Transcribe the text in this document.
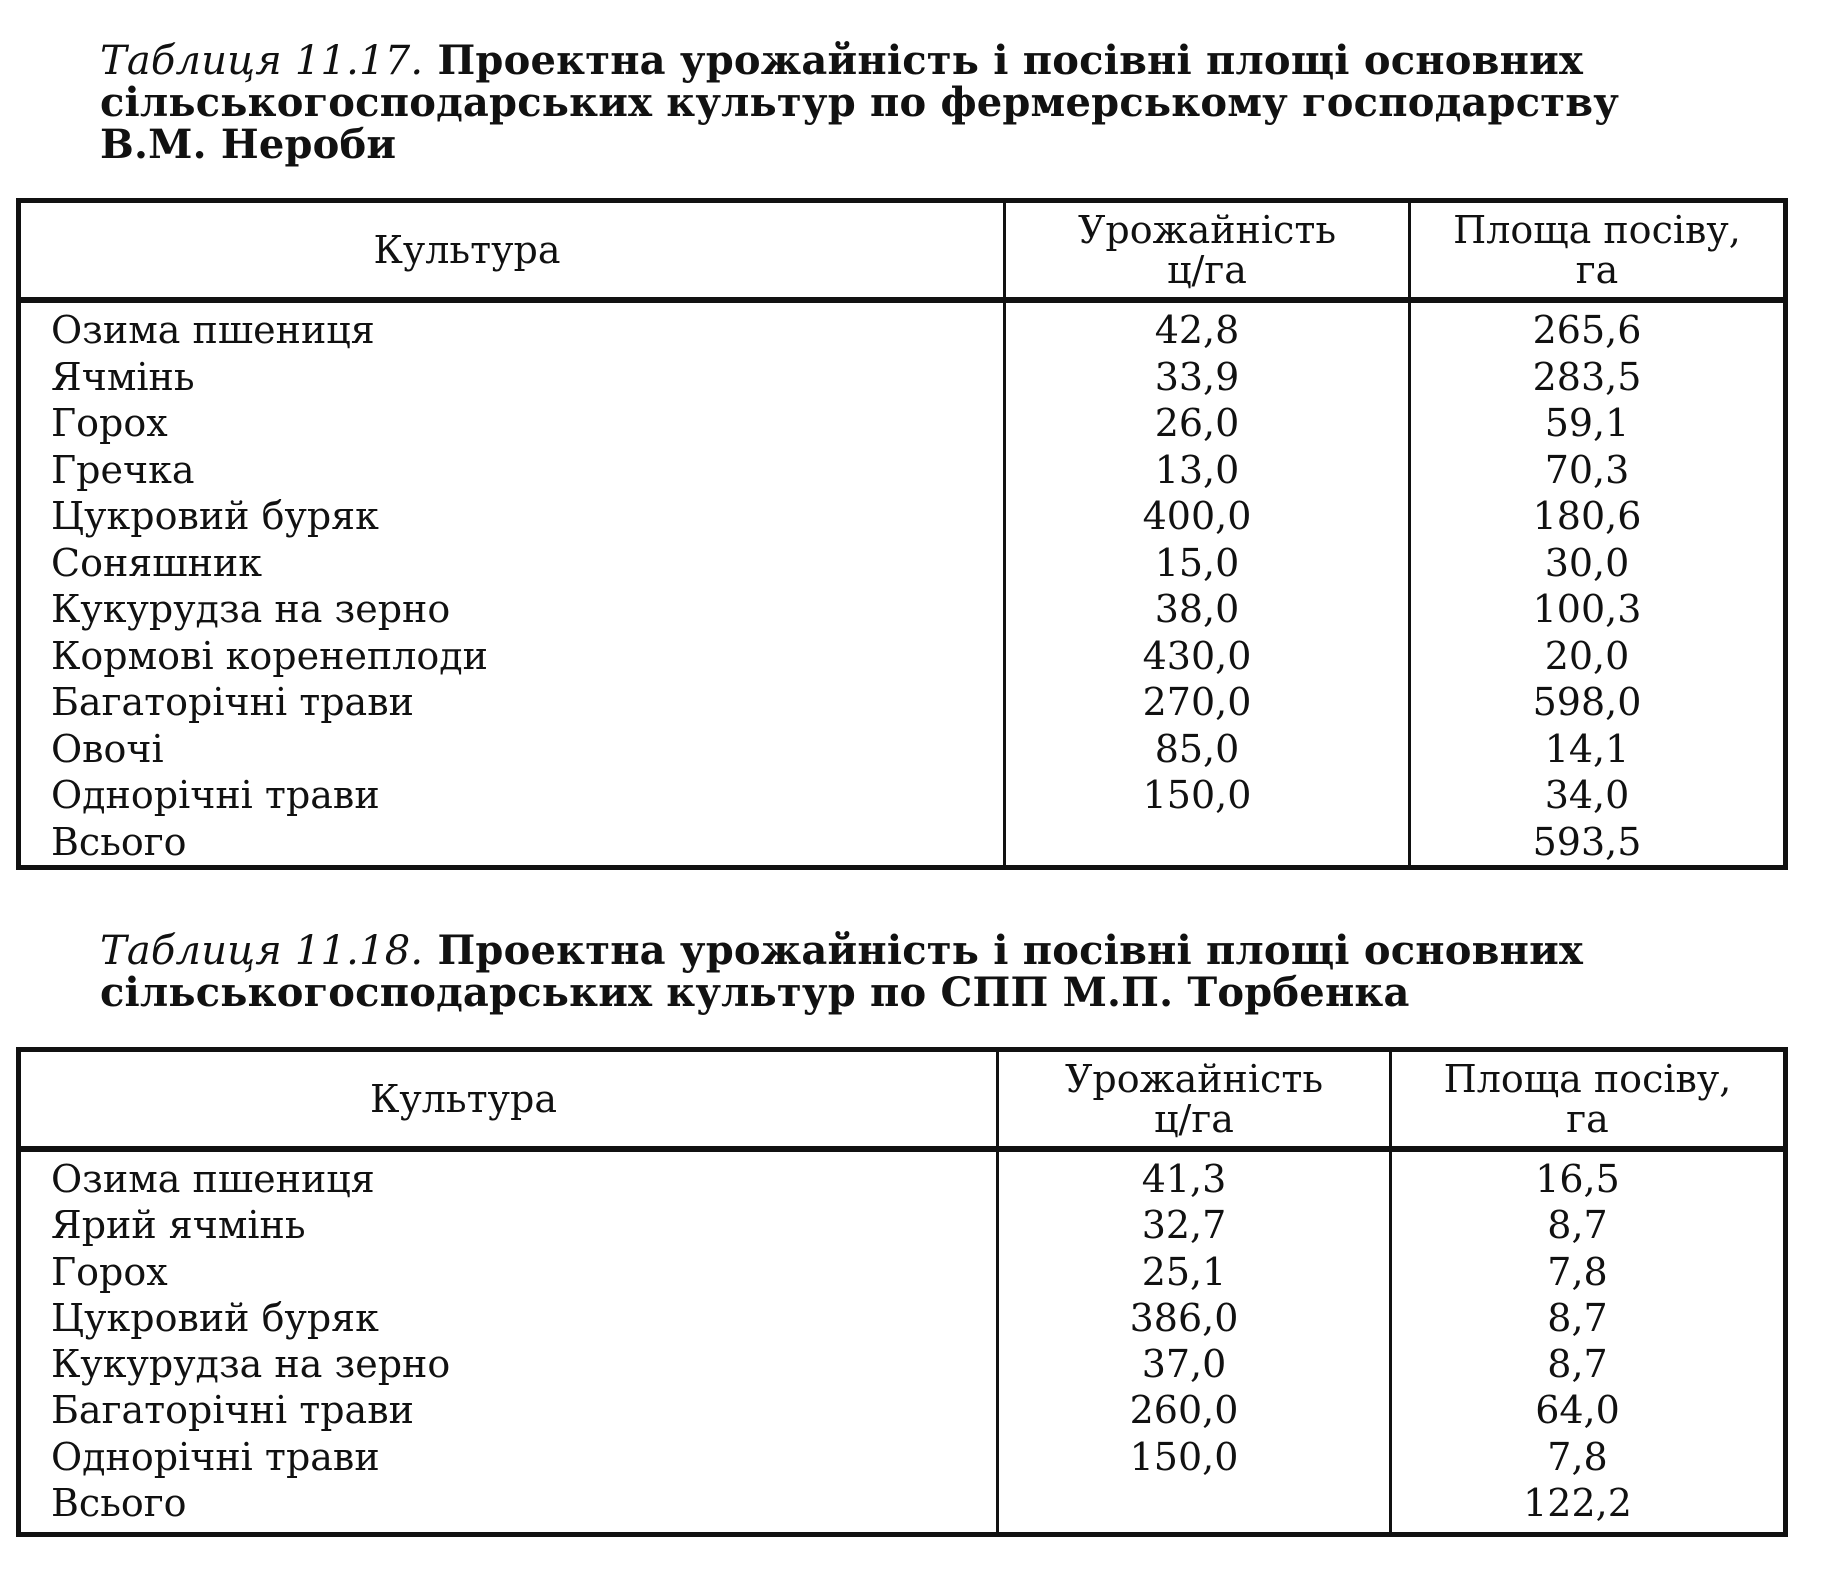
Таблиця 11.17. Проектна урожайність і посівні площі основних
сільськогосподарських культур по фермерському господарству
В.М. Нероби
Культура	Урожайність
ц/га
Площа посіву,
га
Озима пшениця
Ячмінь
Горох
Гречка
Цукровий буряк
Соняшник
Кукурудза на зерно
Кормові коренеплоди
Багаторічні трави
Овочі
Однорічні трави
Всього
42,8
33,9
26,0
13,0
400,0
15,0
38,0
430,0
270,0
85,0
150,0
265,6
283,5
59,1
70,3
180,6
30,0
100,3
20,0
598,0
14,1
34,0
593,5
Таблиця 11.18. Проектна урожайність і посівні площі основних
сільськогосподарських культур по СПП М.П. Торбенка
Культура	Урожайність
ц/га
Площа посіву,
га
Озима пшениця
Ярий ячмінь
Горох
Цукровий буряк
Кукурудза на зерно
Багаторічні трави
Однорічні трави
Всього
41,3
32,7
25,1
386,0
37,0
260,0
150,0
16,5
8,7
7,8
8,7
8,7
64,0
7,8
122,2
